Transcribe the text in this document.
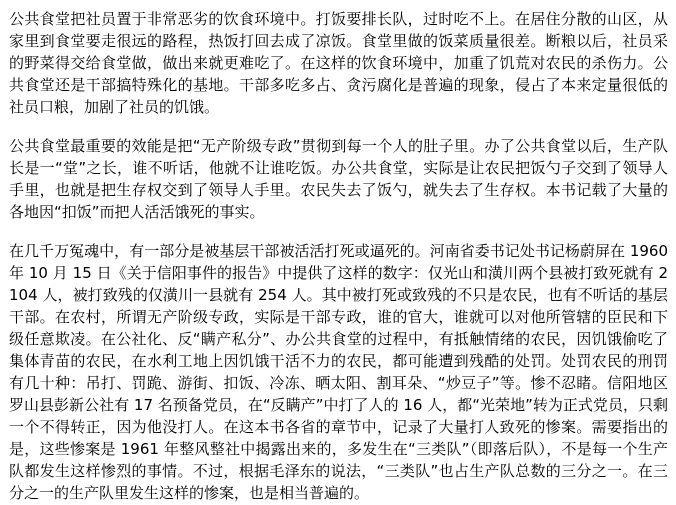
公共食堂把社员置于非常恶劣的饮食环境中。打饭要排长队，过时吃不上。在居住分散的山区，从家里到食堂要走很远的路程，热饭打回去成了凉饭。食堂里做的饭菜质量很差。断粮以后，社员采的野菜得交给食堂做，做出来就更难吃了。在这样的饮食环境中，加重了饥荒对农民的杀伤力。公共食堂还是干部搞特殊化的基地。干部多吃多占、贪污腐化是普遍的现象，侵占了本来定量很低的社员口粮，加剧了社员的饥饿。

公共食堂最重要的效能是把“无产阶级专政”贯彻到每一个人的肚子里。办了公共食堂以后，生产队长是一“堂”之长，谁不听话，他就不让谁吃饭。办公共食堂，实际是让农民把饭勺子交到了领导人手里，也就是把生存权交到了领导人手里。农民失去了饭勺，就失去了生存权。本书记载了大量的各地因“扣饭”而把人活活饿死的事实。

在几千万冤魂中，有一部分是被基层干部被活活打死或逼死的。河南省委书记处书记杨蔚屏在 1960 年 10 月 15 日《关于信阳事件的报告》中提供了这样的数字：仅光山和潢川两个县被打致死就有 2104 人，被打致残的仅潢川一县就有 254 人。其中被打死或致残的不只是农民，也有不听话的基层干部。在农村，所谓无产阶级专政，实际是干部专政，谁的官大，谁就可以对他所管辖的臣民和下级任意欺凌。在公社化、反“瞒产私分”、办公共食堂的过程中，有抵触情绪的农民，因饥饿偷吃了集体青苗的农民，在水利工地上因饥饿干活不力的农民，都可能遭到残酷的处罚。处罚农民的刑罚有几十种：吊打、罚跪、游街、扣饭、冷冻、晒太阳、割耳朵、“炒豆子”等。惨不忍睹。信阳地区罗山县彭新公社有 17 名预备党员，在“反瞒产”中打了人的 16 人，都“光荣地”转为正式党员，只剩一个不得转正，因为他没打人。在这本书各省的章节中，记录了大量打人致死的惨案。需要指出的是，这些惨案是 1961 年整风整社中揭露出来的，多发生在“三类队”（即落后队），不是每一个生产队都发生这样惨烈的事情。不过，根据毛泽东的说法，“三类队”也占生产队总数的三分之一。在三分之一的生产队里发生这样的惨案，也是相当普遍的。
